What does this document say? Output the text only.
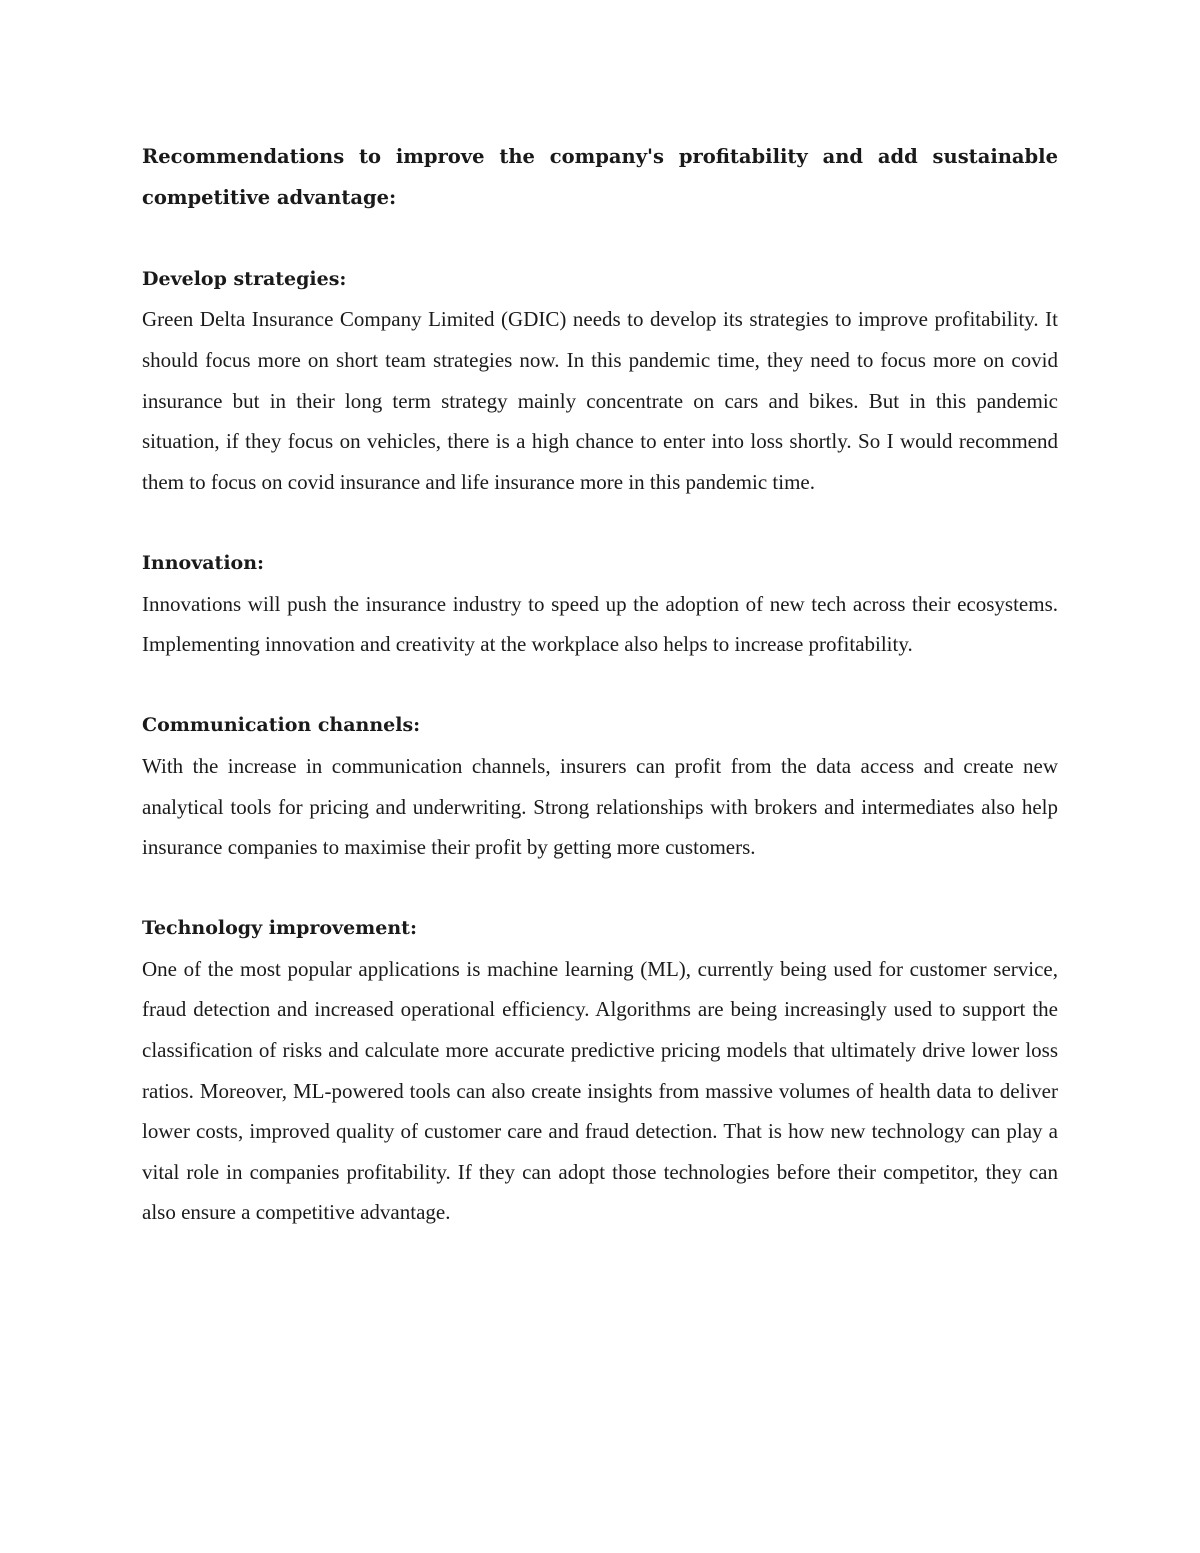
Recommendations to improve the company's profitability and add sustainable competitive advantage:

Develop strategies:

Green Delta Insurance Company Limited (GDIC) needs to develop its strategies to improve profitability. It should focus more on short team strategies now. In this pandemic time, they need to focus more on covid insurance but in their long term strategy mainly concentrate on cars and bikes. But in this pandemic situation, if they focus on vehicles, there is a high chance to enter into loss shortly. So I would recommend them to focus on covid insurance and life insurance more in this pandemic time.

Innovation:

Innovations will push the insurance industry to speed up the adoption of new tech across their ecosystems. Implementing innovation and creativity at the workplace also helps to increase profitability.

Communication channels:

With the increase in communication channels, insurers can profit from the data access and create new analytical tools for pricing and underwriting. Strong relationships with brokers and intermediates also help insurance companies to maximise their profit by getting more customers.

Technology improvement:

One of the most popular applications is machine learning (ML), currently being used for customer service, fraud detection and increased operational efficiency. Algorithms are being increasingly used to support the classification of risks and calculate more accurate predictive pricing models that ultimately drive lower loss ratios. Moreover, ML-powered tools can also create insights from massive volumes of health data to deliver lower costs, improved quality of customer care and fraud detection. That is how new technology can play a vital role in companies profitability. If they can adopt those technologies before their competitor, they can also ensure a competitive advantage.
